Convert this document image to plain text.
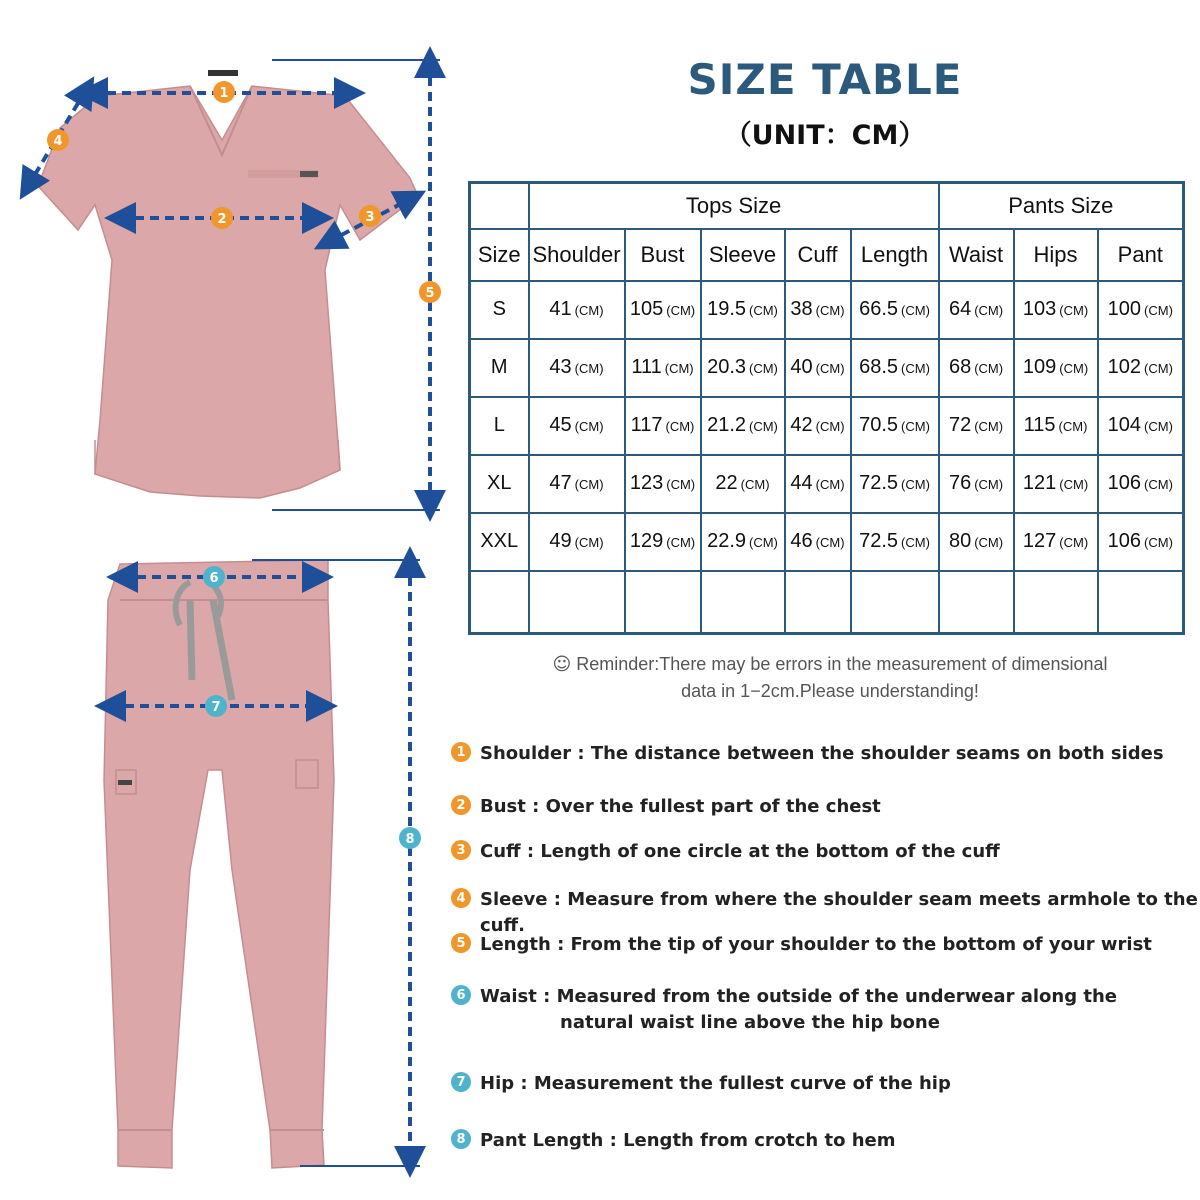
1
2	3
4
5
6
7
8
SIZE TABLE
（UNIT：CM）
	Tops Size					Pants Size		
Size	Shoulder	Bust	Sleeve	Cuff	Length	Waist	Hips	Pant
S	41 (CM)	105 (CM)	19.5 (CM)	38 (CM)	66.5 (CM)	64 (CM)	103 (CM)	100 (CM)
M	43 (CM)	111 (CM)	20.3 (CM)	40 (CM)	68.5 (CM)	68 (CM)	109 (CM)	102 (CM)
L	45 (CM)	117 (CM)	21.2 (CM)	42 (CM)	70.5 (CM)	72 (CM)	115 (CM)	104 (CM)
XL	47 (CM)	123 (CM)	22 (CM)	44 (CM)	72.5 (CM)	76 (CM)	121 (CM)	106 (CM)
XXL	49 (CM)	129 (CM)	22.9 (CM)	46 (CM)	72.5 (CM)	80 (CM)	127 (CM)	106 (CM)

☺ Reminder:There may be errors in the measurement of dimensional
data in 1−2cm.Please understanding!
1 Shoulder : The distance between the shoulder seams on both sides
2 Bust : Over the fullest part of the chest
3 Cuff : Length of one circle at the bottom of the cuff
4 Sleeve : Measure from where the shoulder seam meets armhole to the cuff.
5 Length : From the tip of your shoulder to the bottom of your wrist
6 Waist : Measured from the outside of the underwear along the
natural waist line above the hip bone
7 Hip : Measurement the fullest curve of the hip
8 Pant Length : Length from crotch to hem
